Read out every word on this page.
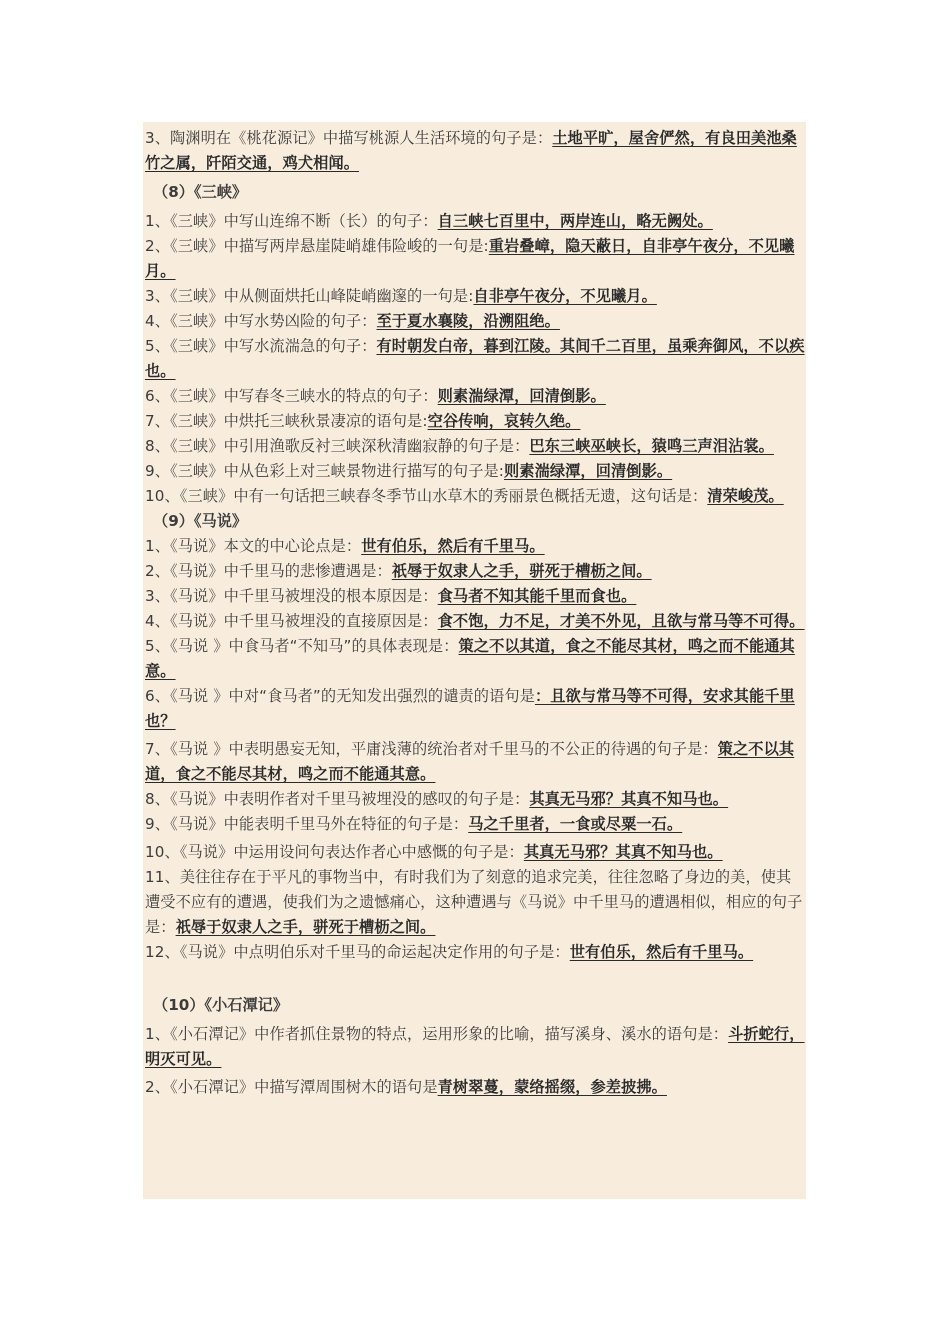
3、陶渊明在《桃花源记》中描写桃源人生活环境的句子是：土地平旷，屋舍俨然，有良田美池桑竹之属，阡陌交通，鸡犬相闻。

（8）《三峡》

1、《三峡》中写山连绵不断（长）的句子：自三峡七百里中，两岸连山，略无阙处。

2、《三峡》中描写两岸悬崖陡峭雄伟险峻的一句是:重岩叠嶂，隐天蔽日，自非亭午夜分，不见曦月。

3、《三峡》中从侧面烘托山峰陡峭幽邃的一句是:自非亭午夜分，不见曦月。

4、《三峡》中写水势凶险的句子：至于夏水襄陵，沿溯阻绝。

5、《三峡》中写水流湍急的句子：有时朝发白帝，暮到江陵。其间千二百里，虽乘奔御风，不以疾也。

6、《三峡》中写春冬三峡水的特点的句子：则素湍绿潭，回清倒影。

7、《三峡》中烘托三峡秋景凄凉的语句是:空谷传响，哀转久绝。

8、《三峡》中引用渔歌反衬三峡深秋清幽寂静的句子是：巴东三峡巫峡长，猿鸣三声泪沾裳。

9、《三峡》中从色彩上对三峡景物进行描写的句子是:则素湍绿潭，回清倒影。

10、《三峡》中有一句话把三峡春冬季节山水草木的秀丽景色概括无遗，这句话是：清荣峻茂。

（9）《马说》

1、《马说》本文的中心论点是：世有伯乐，然后有千里马。

2、《马说》中千里马的悲惨遭遇是：祇辱于奴隶人之手，骈死于槽枥之间。

3、《马说》中千里马被埋没的根本原因是：食马者不知其能千里而食也。

4、《马说》中千里马被埋没的直接原因是：食不饱，力不足，才美不外见，且欲与常马等不可得。

5、《马说 》中食马者“不知马”的具体表现是：策之不以其道，食之不能尽其材，鸣之而不能通其意。

6、《马说 》中对“食马者”的无知发出强烈的谴责的语句是：且欲与常马等不可得，安求其能千里也？

7、《马说 》中表明愚妄无知，平庸浅薄的统治者对千里马的不公正的待遇的句子是：策之不以其道，食之不能尽其材，鸣之而不能通其意。

8、《马说》中表明作者对千里马被埋没的感叹的句子是：其真无马邪？其真不知马也。

9、《马说》中能表明千里马外在特征的句子是：马之千里者，一食或尽粟一石。

10、《马说》中运用设问句表达作者心中感慨的句子是：其真无马邪？其真不知马也。

11、美往往存在于平凡的事物当中，有时我们为了刻意的追求完美，往往忽略了身边的美，使其遭受不应有的遭遇，使我们为之遗憾痛心，这种遭遇与《马说》中千里马的遭遇相似，相应的句子是：祇辱于奴隶人之手，骈死于槽枥之间。

12、《马说》中点明伯乐对千里马的命运起决定作用的句子是：世有伯乐，然后有千里马。

（10）《小石潭记》

1、《小石潭记》中作者抓住景物的特点，运用形象的比喻，描写溪身、溪水的语句是：斗折蛇行，明灭可见。

2、《小石潭记》中描写潭周围树木的语句是青树翠蔓，蒙络摇缀，参差披拂。
